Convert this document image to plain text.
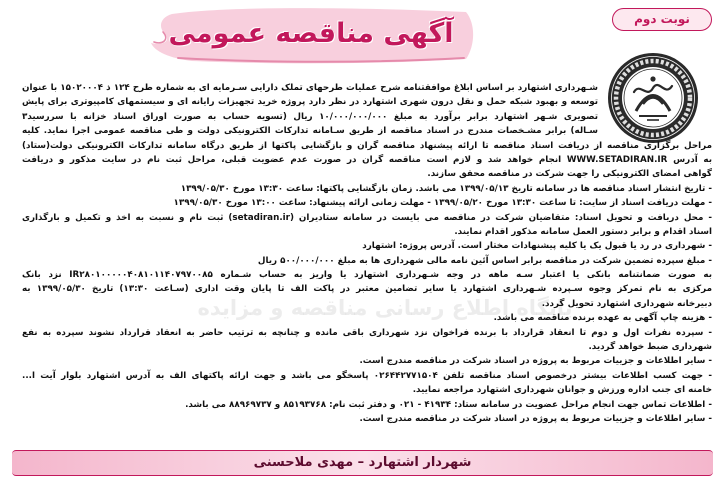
آگهی مناقصه عمومی	نوبت دوم
پایگاه اطلاع رسانی مناقصه و مزایده
شـهرداری اشتهارد بر اساس ابلاغ موافقتنامه شرح عملیات طرحهای تملک دارایی سـرمایه ای به شماره طرح ۱۲۴ ذ ۱۵۰۲۰۰۰۴ با عنوان
توسعه و بهبود شبکه حمل و نقل درون شهری اشتهارد در نظر دارد پروژه خرید تجهیزات رایانه ای و سیستمهای کامپیوتری برای پایش
تصویری شـهر اشتهارد برابر برآورد به مبلغ ۱۰/۰۰۰/۰۰۰/۰۰۰ ریال (تسویه حساب به صورت اوراق اسناد خزانه با سررسید۳
سـاله) برابر مشـخصات مندرج در اسناد مناقصه از طریق سـامانه تدارکات الکترونیکی دولت و طی مناقصه عمومی اجرا نماید. کلیه
مراحل برگزاری مناقصه از دریافت اسناد مناقصه تا ارائه پیشنهاد مناقصه گران و بازگشایی پاکتها از طریق درگاه سامانه تدارکات الکترونیکی دولت(ستاد)
به آدرس WWW.SETADIRAN.IR انجام خواهد شد و لازم است مناقصه گران در صورت عدم عضویت قبلی، مراحل ثبت نام در سایت مذکور و دریافت
گواهی امضای الکترونیکی را جهت شرکت در مناقصه محقق سازند.
- تاریخ انتشار اسناد مناقصه ها در سامانه تاریخ ۱۳۹۹/۰۵/۱۳ می باشد. زمان بازگشایی پاکتها: ساعت ۱۳:۳۰ مورخ ۱۳۹۹/۰۵/۳۰
- مهلت دریافت اسناد از سایت: تا ساعت ۱۳:۳۰ مورخ ۱۳۹۹/۰۵/۲۰ - مهلت زمانی ارائه پیشنهاد: ساعت ۱۳:۰۰ مورخ ۱۳۹۹/۰۵/۳۰
- محل دریافت و تحویل اسناد: متقاضیان شرکت در مناقصه می بایست در سامانه ستادیران (setadiran.ir) ثبت نام و نسبت به اخذ و تکمیل و بارگذاری
اسناد اقدام و برابر دستور العمل سامانه مذکور اقدام نمایند.
- شهرداری در رد یا قبول یک یا کلیه پیشنهادات مختار است. آدرس پروژه: اشتهارد
- مبلغ سپرده تضمین شرکت در مناقصه برابر اساس آئین نامه مالی شهرداری ها به مبلغ ۵۰۰/۰۰۰/۰۰۰ ریال
به صورت ضمانتنامه بانکی یا اعتبار سـه ماهه در وجه شـهرداری اشتهارد یا واریز به حساب شـماره IR۲۸۰۱۰۰۰۰۰۴۰۸۱۰۱۱۴۰۷۹۷۰۰۸۵ نزد بانک
مرکزی به نام تمرکز وجوه سـپرده شـهرداری اشتهارد یا سایر تضامین معتبر در پاکت الف تا پایان وقت اداری (سـاعت ۱۳:۳۰) تاریخ ۱۳۹۹/۰۵/۳۰ به
دبیرخانه شهرداری اشتهارد تحویل گردد.
- هزینه چاپ آگهی به عهده برنده مناقصه می باشد.
- سپرده نفرات اول و دوم تا انعقاد قرارداد با برنده فراخوان نزد شهرداری باقی مانده و چنانچه به ترتیب حاضر به انعقاد قرارداد نشوند سپرده به نفع
شهرداری ضبط خواهد گردید.
- سایر اطلاعات و جزییات مربوط به پروژه در اسناد شرکت در مناقصه مندرج است.
- جهت کسب اطلاعات بیشتر درخصوص اسناد مناقصه تلفن ۰۲۶۴۴۲۷۷۱۵۰۴ پاسخگو می باشد و جهت ارائه پاکتهای الف به آدرس اشتهارد بلوار آیت ا...
خامنه ای جنب اداره ورزش و جوانان شهرداری اشتهارد مراجعه نمایید.
- اطلاعات تماس جهت انجام مراحل عضویت در سامانه ستاد: ۴۱۹۳۴ - ۰۲۱ و دفتر ثبت نام: ۸۵۱۹۳۷۶۸ و ۸۸۹۶۹۷۳۷ می باشد.
- سایر اطلاعات و جزییات مربوط به پروژه در اسناد شرکت در مناقصه مندرج است.
شهردار اشتهارد – مهدی ملاحسنی
